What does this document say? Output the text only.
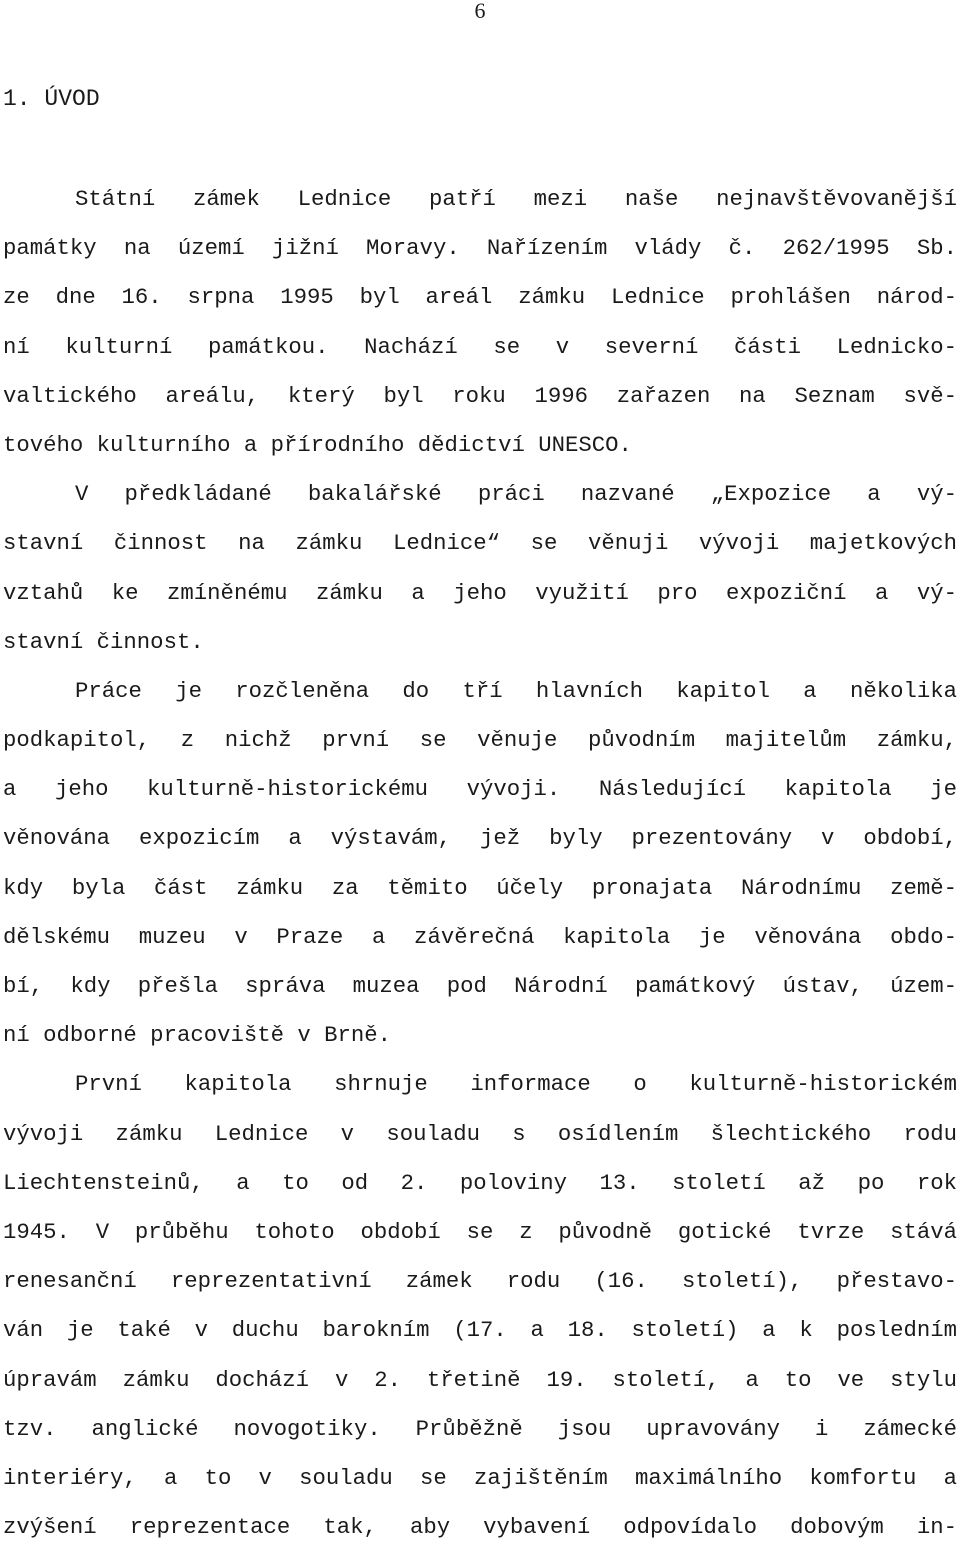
6
1. ÚVOD
Státní zámek Lednice patří mezi naše nejnavštěvovanější
památky na území jižní Moravy. Nařízením vlády č. 262/1995 Sb.
ze dne 16. srpna 1995 byl areál zámku Lednice prohlášen národ-
ní kulturní památkou. Nachází se v severní části Lednicko-
valtického areálu, který byl roku 1996 zařazen na Seznam svě-
tového kulturního a přírodního dědictví UNESCO.
V předkládané bakalářské práci nazvané „Expozice a vý-
stavní činnost na zámku Lednice“ se věnuji vývoji majetkových
vztahů ke zmíněnému zámku a jeho využití pro expoziční a vý-
stavní činnost.
Práce je rozčleněna do tří hlavních kapitol a několika
podkapitol, z nichž první se věnuje původním majitelům zámku,
a jeho kulturně-historickému vývoji. Následující kapitola je
věnována expozicím a výstavám, jež byly prezentovány v období,
kdy byla část zámku za těmito účely pronajata Národnímu země-
dělskému muzeu v Praze a závěrečná kapitola je věnována obdo-
bí, kdy přešla správa muzea pod Národní památkový ústav, územ-
ní odborné pracoviště v Brně.
První kapitola shrnuje informace o kulturně-historickém
vývoji zámku Lednice v souladu s osídlením šlechtického rodu
Liechtensteinů, a to od 2. poloviny 13. století až po rok
1945. V průběhu tohoto období se z původně gotické tvrze stává
renesanční reprezentativní zámek rodu (16. století), přestavo-
ván je také v duchu barokním (17. a 18. století) a k posledním
úpravám zámku dochází v 2. třetině 19. století, a to ve stylu
tzv. anglické novogotiky. Průběžně jsou upravovány i zámecké
interiéry, a to v souladu se zajištěním maximálního komfortu a
zvýšení reprezentace tak, aby vybavení odpovídalo dobovým in-
